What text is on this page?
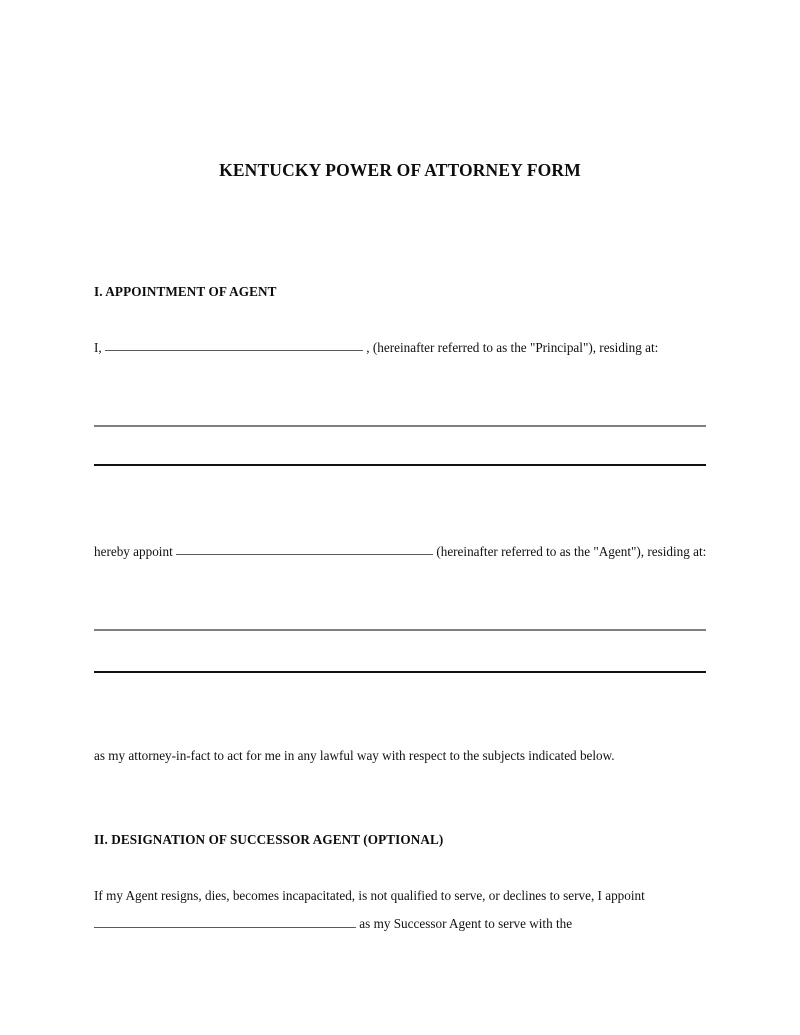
KENTUCKY POWER OF ATTORNEY FORM
I. APPOINTMENT OF AGENT
I,	, (hereinafter referred to as the "Principal"), residing at:
hereby appoint	(hereinafter referred to as the "Agent"), residing at:
as my attorney-in-fact to act for me in any lawful way with respect to the subjects indicated below.
II. DESIGNATION OF SUCCESSOR AGENT (OPTIONAL)
If my Agent resigns, dies, becomes incapacitated, is not qualified to serve, or declines to serve, I appoint  as my Successor Agent to serve with the
